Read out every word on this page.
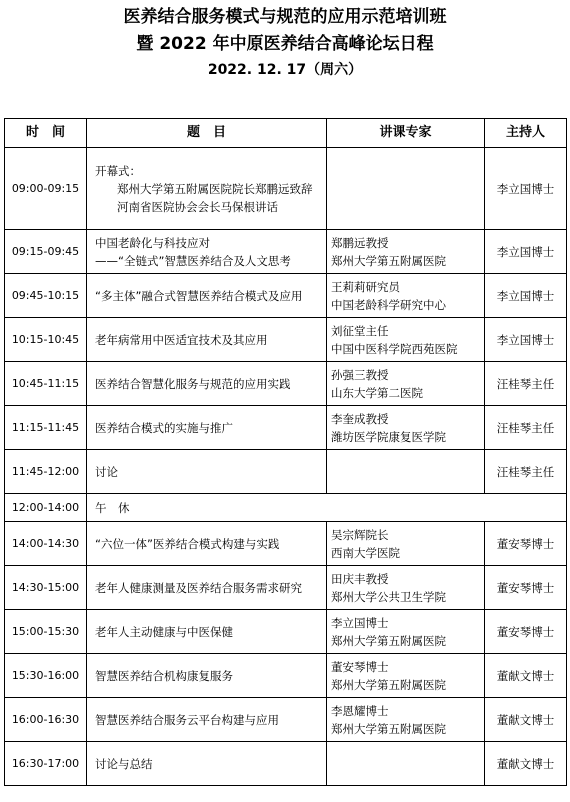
医养结合服务模式与规范的应用示范培训班
暨 2022 年中原医养结合高峰论坛日程
2022. 12. 17（周六）
时　间	题　目	讲课专家	主持人
09:00-09:15	开幕式：
郑州大学第五附属医院院长郑鹏远致辞
河南省医院协会会长马保根讲话		李立国博士
09:15-09:45	中国老龄化与科技应对
——“全链式”智慧医养结合及人文思考	郑鹏远教授
郑州大学第五附属医院	李立国博士
09:45-10:15	“多主体”融合式智慧医养结合模式及应用	王莉莉研究员
中国老龄科学研究中心	李立国博士
10:15-10:45	老年病常用中医适宜技术及其应用	刘征堂主任
中国中医科学院西苑医院	李立国博士
10:45-11:15	医养结合智慧化服务与规范的应用实践	孙强三教授
山东大学第二医院	汪桂琴主任
11:15-11:45	医养结合模式的实施与推广	李奎成教授
潍坊医学院康复医学院	汪桂琴主任
11:45-12:00	讨论		汪桂琴主任
12:00-14:00	午　休		
14:00-14:30	“六位一体”医养结合模式构建与实践	吴宗辉院长
西南大学医院	董安琴博士
14:30-15:00	老年人健康测量及医养结合服务需求研究	田庆丰教授
郑州大学公共卫生学院	董安琴博士
15:00-15:30	老年人主动健康与中医保健	李立国博士
郑州大学第五附属医院	董安琴博士
15:30-16:00	智慧医养结合机构康复服务	董安琴博士
郑州大学第五附属医院	董献文博士
16:00-16:30	智慧医养结合服务云平台构建与应用	李恩耀博士
郑州大学第五附属医院	董献文博士
16:30-17:00	讨论与总结		董献文博士
